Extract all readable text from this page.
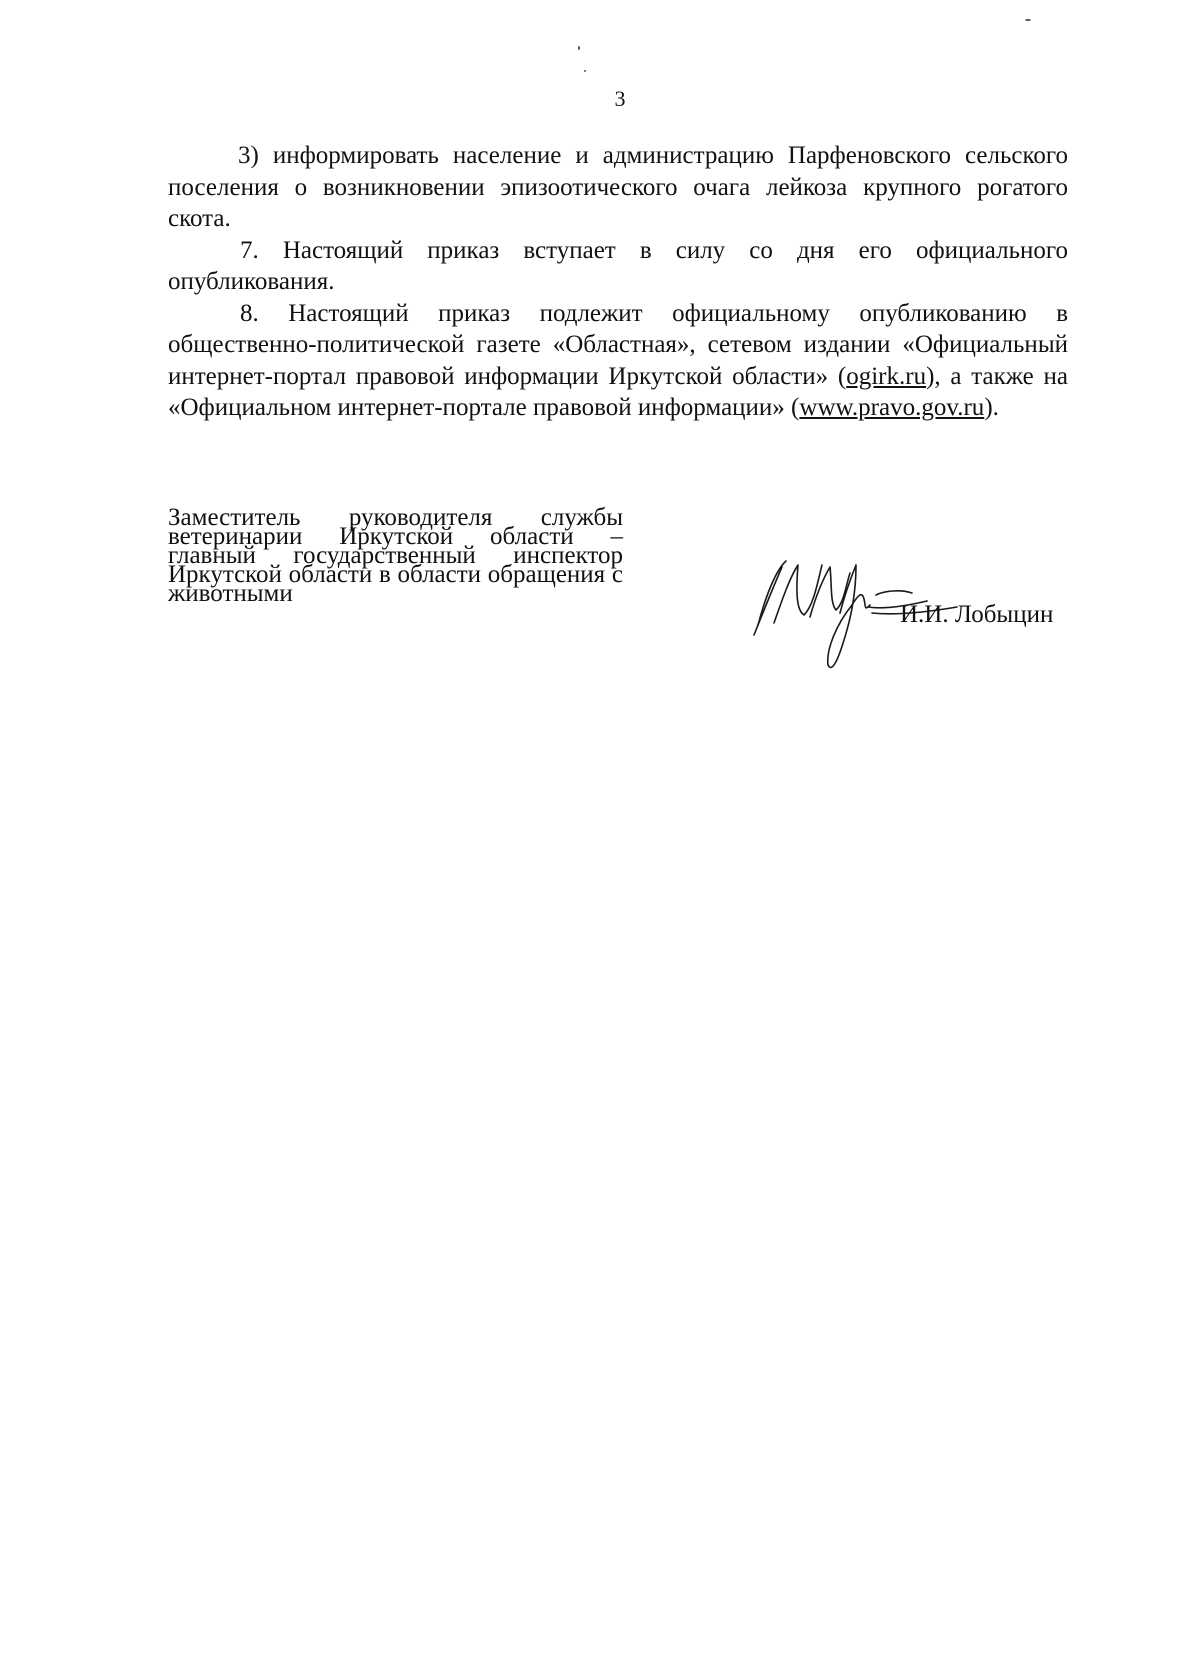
3

3) информировать население и администрацию Парфеновского сельского поселения о возникновении эпизоотического очага лейкоза крупного рогатого скота.

7. Настоящий приказ вступает в силу со дня его официального опубликования.

8. Настоящий приказ подлежит официальному опубликованию в общественно-политической газете «Областная», сетевом издании «Официальный интернет-портал правовой информации Иркутской области» (ogirk.ru), а также на «Официальном интернет-портале правовой информации» (www.pravo.gov.ru).

Заместитель руководителя службы ветеринарии Иркутской области – главный государственный инспектор Иркутской области в области обращения с животными

И.И. Лобыцин
